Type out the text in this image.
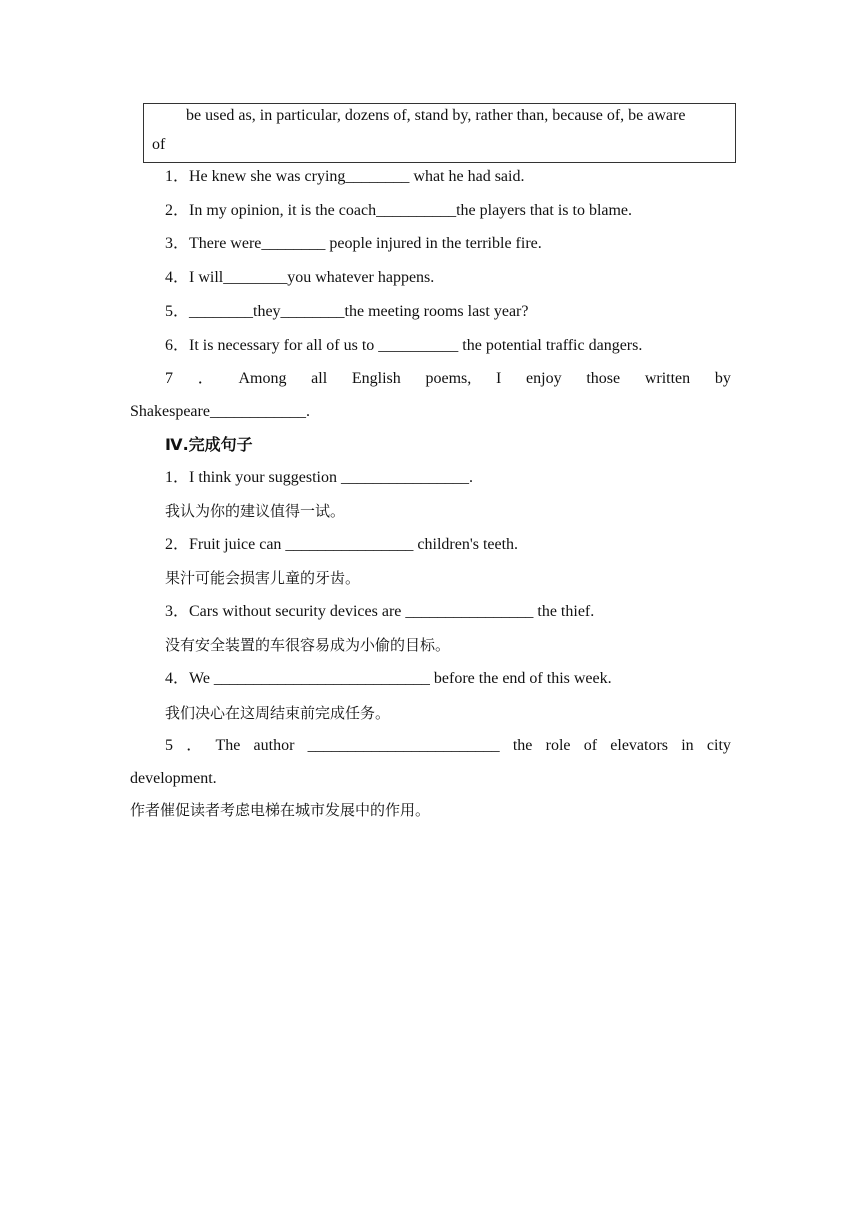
be used as, in particular, dozens of, stand by, rather than, because of, be aware
of
1．He knew she was crying________ what he had said.
2．In my opinion, it is the coach__________the players that is to blame.
3．There were________ people injured in the terrible fire.
4．I will________you whatever happens.
5．________they________the meeting rooms last year?
6．It is necessary for all of us to __________ the potential traffic dangers.
7 ． Among all English poems, I enjoy those written by
Shakespeare____________.
Ⅳ.完成句子
1．I think your suggestion ________________.
我认为你的建议值得一试。
2．Fruit juice can ________________ children's teeth.
果汁可能会损害儿童的牙齿。
3．Cars without security devices are ________________ the thief.
没有安全装置的车很容易成为小偷的目标。
4．We ___________________________ before the end of this week.
我们决心在这周结束前完成任务。
5 ． The author ________________________ the role of elevators in city
development.
作者催促读者考虑电梯在城市发展中的作用。
